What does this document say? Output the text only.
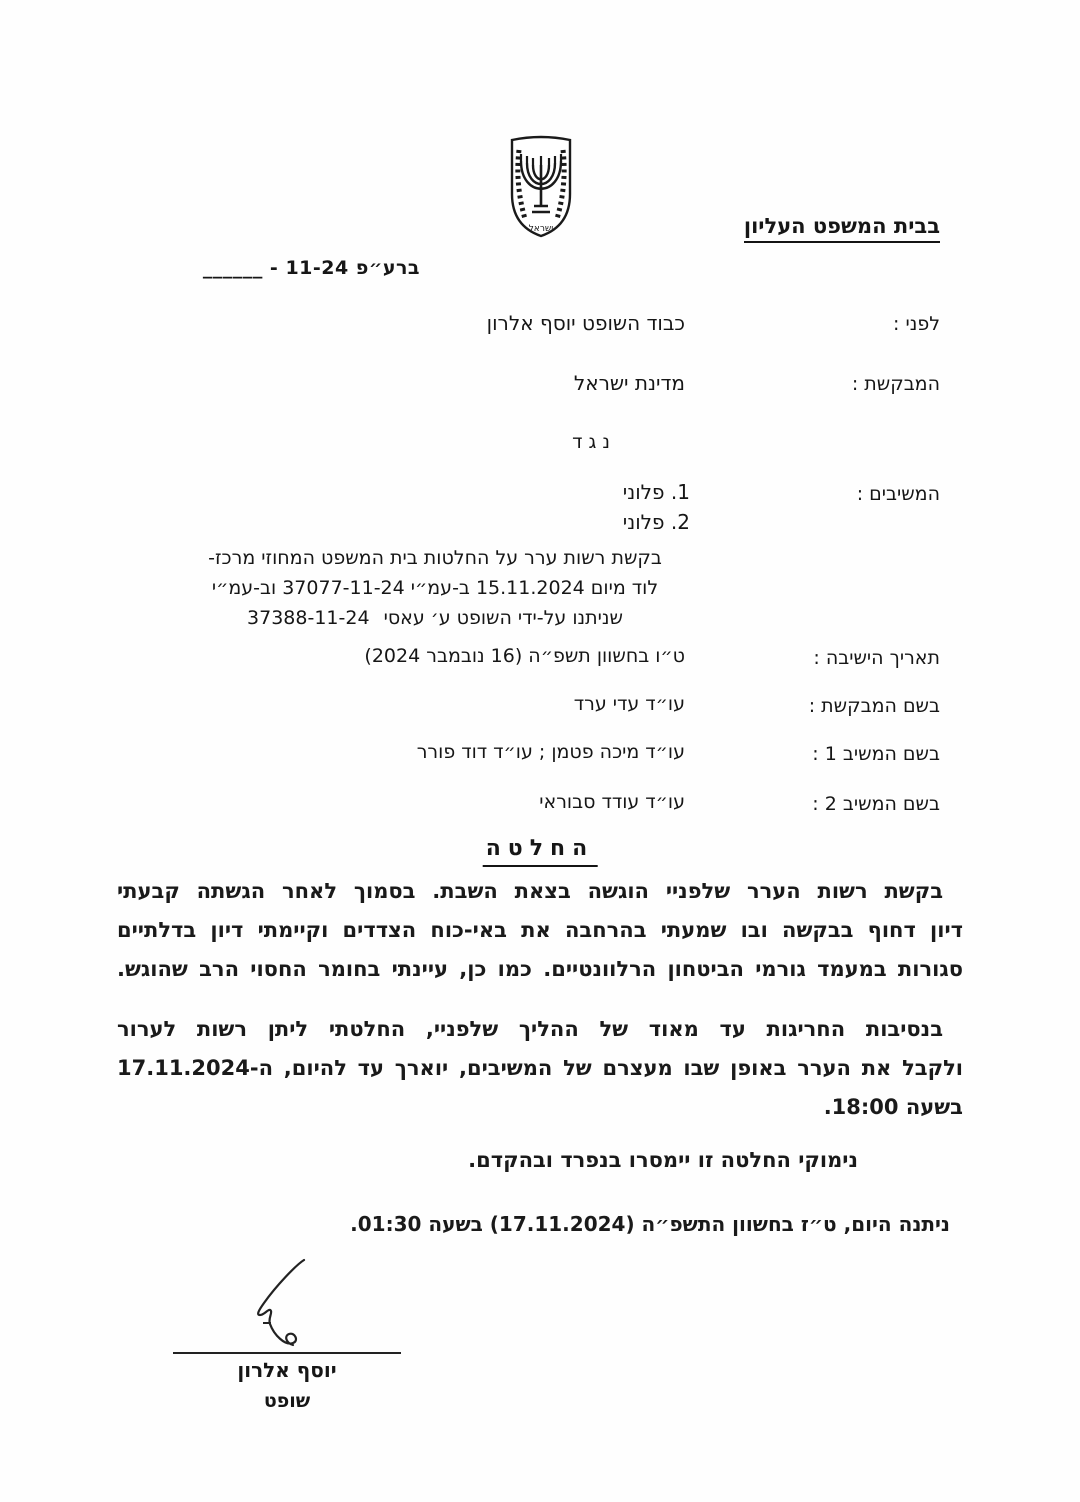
ישראל	בבית המשפט העליון
ברע״פ 11-24 - ______
לפני :
כבוד השופט יוסף אלרון
המבקשת :
מדינת ישראל
נ ג ד
המשיבים :
1. פלוני
2. פלוני
בקשת רשות ערר על החלטות בית המשפט המחוזי מרכז-
לוד מיום 15.11.2024 ב-עמ״י 37077-11-24 וב-עמ״י
שניתנו על-ידי השופט ע׳ עאסי 37388-11-24
תאריך הישיבה :
ט״ו בחשוון תשפ״ה (16 נובמבר 2024)
בשם המבקשת :
עו״ד עדי ערד
בשם המשיב 1 :
עו״ד מיכה פטמן ; עו״ד דוד פורר
בשם המשיב 2 :
עו״ד עודד סבוראי
החלטה
בקשת רשות הערר שלפניי הוגשה בצאת השבת. בסמוך לאחר הגשתה קבעתי
דיון דחוף בבקשה ובו שמעתי בהרחבה את באי-כוח הצדדים וקיימתי דיון בדלתיים
סגורות במעמד גורמי הביטחון הרלוונטיים. כמו כן, עיינתי בחומר החסוי הרב שהוגש.
בנסיבות החריגות עד מאוד של ההליך שלפניי, החלטתי ליתן רשות לערור
ולקבל את הערר באופן שבו מעצרם של המשיבים, יוארך עד להיום, ה-17.11.2024
בשעה 18:00.
נימוקי החלטה זו יימסרו בנפרד ובהקדם.
ניתנה היום, ט״ז בחשוון התשפ״ה (17.11.2024) בשעה 01:30.
יוסף אלרון
שופט
